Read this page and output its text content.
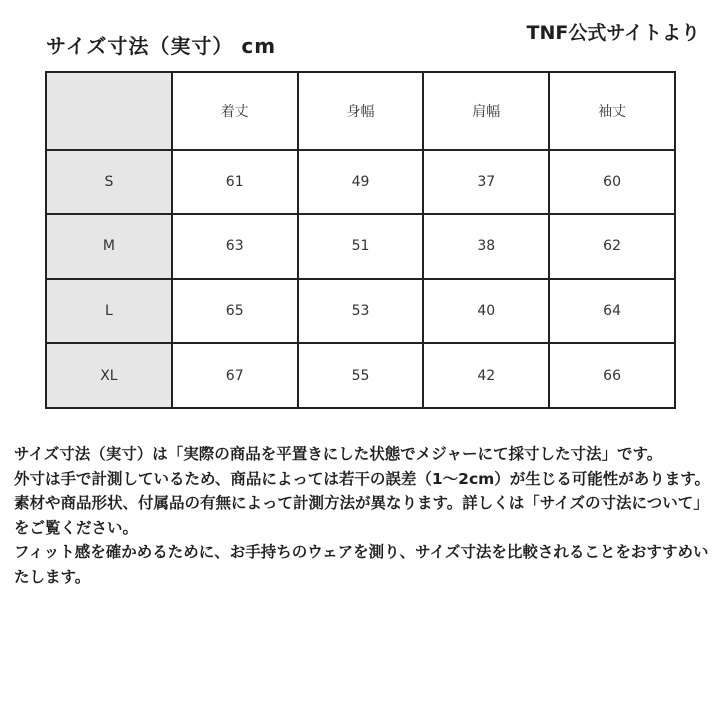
サイズ寸法（実寸） cm
TNF公式サイトより
	着丈	身幅	肩幅	袖丈
S	61	49	37	60
M	63	51	38	62
L	65	53	40	64
XL	67	55	42	66

サイズ寸法（実寸）は「実際の商品を平置きにした状態でメジャーにて採寸した寸法」です。

外寸は手で計測しているため、商品によっては若干の誤差（1～2cm）が生じる可能性があります。

素材や商品形状、付属品の有無によって計測方法が異なります。詳しくは「サイズの寸法について」をご覧ください。

フィット感を確かめるために、お手持ちのウェアを測り、サイズ寸法を比較されることをおすすめいたします。
